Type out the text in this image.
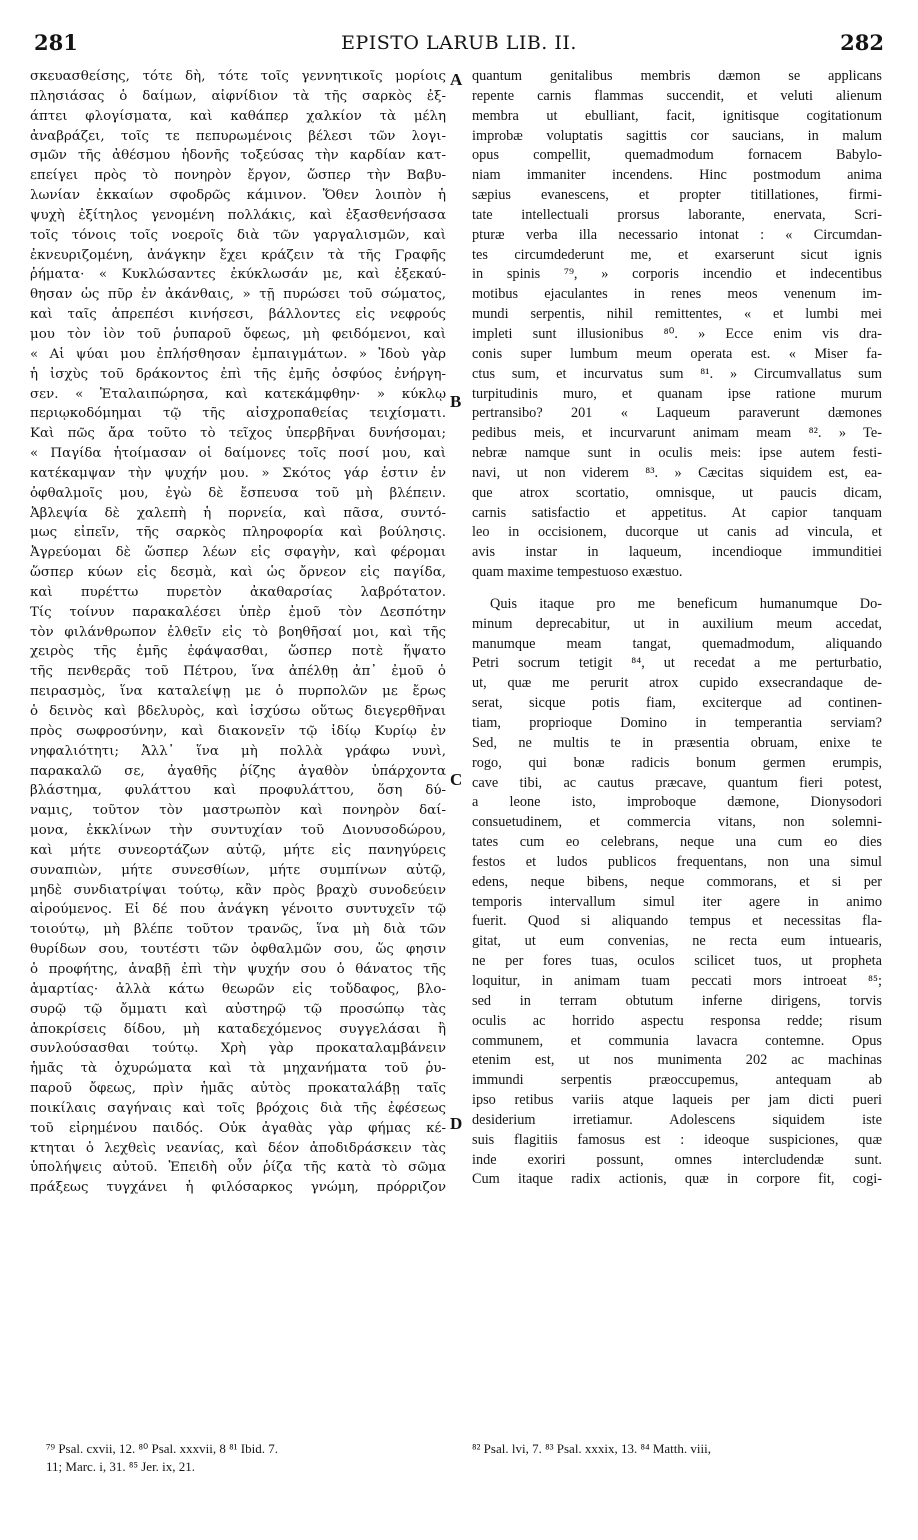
281	EPISTO LARUB LIB. II.	282
σκευασθείσης, τότε δὴ, τότε τοῖς γεννητικοῖς μορίοις
πλησιάσας ὁ δαίμων, αἰφνίδιον τὰ τῆς σαρκὸς ἐξ-
άπτει φλογίσματα, καὶ καθάπερ χαλκίον τὰ μέλη
ἀναβράζει, τοῖς τε πεπυρωμένοις βέλεσι τῶν λογι-
σμῶν τῆς ἀθέσμου ἡδονῆς τοξεύσας τὴν καρδίαν κατ-
επείγει πρὸς τὸ πονηρὸν ἔργον, ὥσπερ τὴν Βαβυ-
λωνίαν ἐκκαίων σφοδρῶς κάμινον. Ὅθεν λοιπὸν ἡ
ψυχὴ ἐξίτηλος γενομένη πολλάκις, καὶ ἐξασθενήσασα
τοῖς τόνοις τοῖς νοεροῖς διὰ τῶν γαργαλισμῶν, καὶ
ἐκνευριζομένη, ἀνάγκην ἔχει κράζειν τὰ τῆς Γραφῆς
ῥήματα· « Κυκλώσαντες ἐκύκλωσάν με, καὶ ἐξεκαύ-
θησαν ὡς πῦρ ἐν ἀκάνθαις, » τῇ πυρώσει τοῦ σώματος,
καὶ ταῖς ἀπρεπέσι κινήσεσι, βάλλοντες εἰς νεφρούς
μου τὸν ἰὸν τοῦ ῥυπαροῦ ὄφεως, μὴ φειδόμενοι, καὶ
« Αἱ ψύαι μου ἐπλήσθησαν ἐμπαιγμάτων. » Ἰδοὺ γὰρ
ἡ ἰσχὺς τοῦ δράκοντος ἐπὶ τῆς ἐμῆς ὀσφύος ἐνήργη-
σεν. « Ἐταλαιπώρησα, καὶ κατεκάμφθην· » κύκλῳ
περιῳκοδόμημαι τῷ τῆς αἰσχροπαθείας τειχίσματι.
Καὶ πῶς ἄρα τοῦτο τὸ τεῖχος ὑπερβῆναι δυνήσομαι;
« Παγίδα ἡτοίμασαν οἱ δαίμονες τοῖς ποσί μου, καὶ
κατέκαμψαν τὴν ψυχήν μου. » Σκότος γάρ ἐστιν ἐν
ὀφθαλμοῖς μου, ἐγὼ δὲ ἔσπευσα τοῦ μὴ βλέπειν.
Ἀβλεψία δὲ χαλεπὴ ἡ πορνεία, καὶ πᾶσα, συντό-
μως εἰπεῖν, τῆς σαρκὸς πληροφορία καὶ βούλησις.
Ἀγρεύομαι δὲ ὥσπερ λέων εἰς σφαγὴν, καὶ φέρομαι
ὥσπερ κύων εἰς δεσμὰ, καὶ ὡς ὄρνεον εἰς παγίδα,
καὶ πυρέττω πυρετὸν ἀκαθαρσίας λαβρότατον.
Τίς τοίνυν παρακαλέσει ὑπὲρ ἐμοῦ τὸν Δεσπότην
τὸν φιλάνθρωπον ἐλθεῖν εἰς τὸ βοηθῆσαί μοι, καὶ τῆς
χειρὸς τῆς ἐμῆς ἐφάψασθαι, ὥσπερ ποτὲ ἥψατο
τῆς πενθερᾶς τοῦ Πέτρου, ἵνα ἀπέλθῃ ἀπ᾽ ἐμοῦ ὁ
πειρασμὸς, ἵνα καταλείψῃ με ὁ πυρπολῶν με ἔρως
ὁ δεινὸς καὶ βδελυρὸς, καὶ ἰσχύσω οὕτως διεγερθῆναι
πρὸς σωφροσύνην, καὶ διακονεῖν τῷ ἰδίῳ Κυρίῳ ἐν
νηφαλιότητι; Ἀλλ᾽ ἵνα μὴ πολλὰ γράφω νυνὶ,
παρακαλῶ σε, ἀγαθῆς ῥίζης ἀγαθὸν ὑπάρχοντα
βλάστημα, φυλάττου καὶ προφυλάττου, ὅση δύ-
ναμις, τοῦτον τὸν μαστρωπὸν καὶ πονηρὸν δαί-
μονα, ἐκκλίνων τὴν συντυχίαν τοῦ Διονυσοδώρου,
καὶ μήτε συνεορτάζων αὐτῷ, μήτε εἰς πανηγύρεις
συναπιὼν, μήτε συνεσθίων, μήτε συμπίνων αὐτῷ,
μηδὲ συνδιατρίψαι τούτῳ, κἂν πρὸς βραχὺ συνοδεύειν
αἱρούμενος. Εἰ δέ που ἀνάγκη γένοιτο συντυχεῖν τῷ
τοιούτῳ, μὴ βλέπε τοῦτον τρανῶς, ἵνα μὴ διὰ τῶν
θυρίδων σου, τουτέστι τῶν ὀφθαλμῶν σου, ὥς φησιν
ὁ προφήτης, ἀναβῇ ἐπὶ τὴν ψυχήν σου ὁ θάνατος τῆς
ἁμαρτίας· ἀλλὰ κάτω θεωρῶν εἰς τοὔδαφος, βλο-
συρῷ τῷ ὄμματι καὶ αὐστηρῷ τῷ προσώπῳ τὰς
ἀποκρίσεις δίδου, μὴ καταδεχόμενος συγγελάσαι ἢ
συνλούσασθαι τούτῳ. Χρὴ γὰρ προκαταλαμβάνειν
ἡμᾶς τὰ ὀχυρώματα καὶ τὰ μηχανήματα τοῦ ῥυ-
παροῦ ὄφεως, πρὶν ἡμᾶς αὐτὸς προκαταλάβῃ ταῖς
ποικίλαις σαγήναις καὶ τοῖς βρόχοις διὰ τῆς ἐφέσεως
τοῦ εἰρημένου παιδός. Οὐκ ἀγαθὰς γὰρ φήμας κέ-
κτηται ὁ λεχθεὶς νεανίας, καὶ δέον ἀποδιδράσκειν τὰς
ὑπολήψεις αὐτοῦ. Ἐπειδὴ οὖν ῥίζα τῆς κατὰ τὸ σῶμα
πράξεως τυγχάνει ἡ φιλόσαρκος γνώμη, πρόρριζον
quantum genitalibus membris dæmon se applicans
repente carnis flammas succendit, et veluti alienum
membra ut ebulliant, facit, ignitisque cogitationum
improbæ voluptatis sagittis cor saucians, in malum
opus compellit, quemadmodum fornacem Babylo-
niam immaniter incendens. Hinc postmodum anima
sæpius evanescens, et propter titillationes, firmi-
tate intellectuali prorsus laborante, enervata, Scri-
pturæ verba illa necessario intonat : « Circumdan-
tes circumdederunt me, et exarserunt sicut ignis
in spinis ⁷⁹, » corporis incendio et indecentibus
motibus ejaculantes in renes meos venenum im-
mundi serpentis, nihil remittentes, « et lumbi mei
impleti sunt illusionibus ⁸⁰. » Ecce enim vis dra-
conis super lumbum meum operata est. « Miser fa-
ctus sum, et incurvatus sum ⁸¹. » Circumvallatus sum
turpitudinis muro, et quanam ipse ratione murum
pertransibo? 201 « Laqueum paraverunt dæmones
pedibus meis, et incurvarunt animam meam ⁸². » Te-
nebræ namque sunt in oculis meis: ipse autem festi-
navi, ut non viderem ⁸³. » Cæcitas siquidem est, ea-
que atrox scortatio, omnisque, ut paucis dicam,
carnis satisfactio et appetitus. At capior tanquam
leo in occisionem, ducorque ut canis ad vincula, et
avis instar in laqueum, incendioque immunditiei
quam maxime tempestuoso exæstuo.
Quis itaque pro me beneficum humanumque Do-
minum deprecabitur, ut in auxilium meum accedat,
manumque meam tangat, quemadmodum, aliquando
Petri socrum tetigit ⁸⁴, ut recedat a me perturbatio,
ut, quæ me perurit atrox cupido exsecrandaque de-
serat, sicque potis fiam, exciterque ad continen-
tiam, proprioque Domino in temperantia serviam?
Sed, ne multis te in præsentia obruam, enixe te
rogo, qui bonæ radicis bonum germen erumpis,
cave tibi, ac cautus præcave, quantum fieri potest,
a leone isto, improboque dæmone, Dionysodori
consuetudinem, et commercia vitans, non solemni-
tates cum eo celebrans, neque una cum eo dies
festos et ludos publicos frequentans, non una simul
edens, neque bibens, neque commorans, et si per
temporis intervallum simul iter agere in animo
fuerit. Quod si aliquando tempus et necessitas fla-
gitat, ut eum convenias, ne recta eum intuearis,
ne per fores tuas, oculos scilicet tuos, ut propheta
loquitur, in animam tuam peccati mors introeat ⁸⁵;
sed in terram obtutum inferne dirigens, torvis
oculis ac horrido aspectu responsa redde; risum
communem, et communia lavacra contemne. Opus
etenim est, ut nos munimenta 202 ac machinas
immundi serpentis præoccupemus, antequam ab
ipso retibus variis atque laqueis per jam dicti pueri
desiderium irretiamur. Adolescens siquidem iste
suis flagitiis famosus est : ideoque suspiciones, quæ
inde exoriri possunt, omnes intercludendæ sunt.
Cum itaque radix actionis, quæ in corpore fit, cogi-
A
B
C
D
⁷⁹ Psal. cxvii, 12. ⁸⁰ Psal. xxxvii, 8 ⁸¹ Ibid. 7.
11; Marc. i, 31. ⁸⁵ Jer. ix, 21.
⁸² Psal. lvi, 7. ⁸³ Psal. xxxix, 13. ⁸⁴ Matth. viii,
